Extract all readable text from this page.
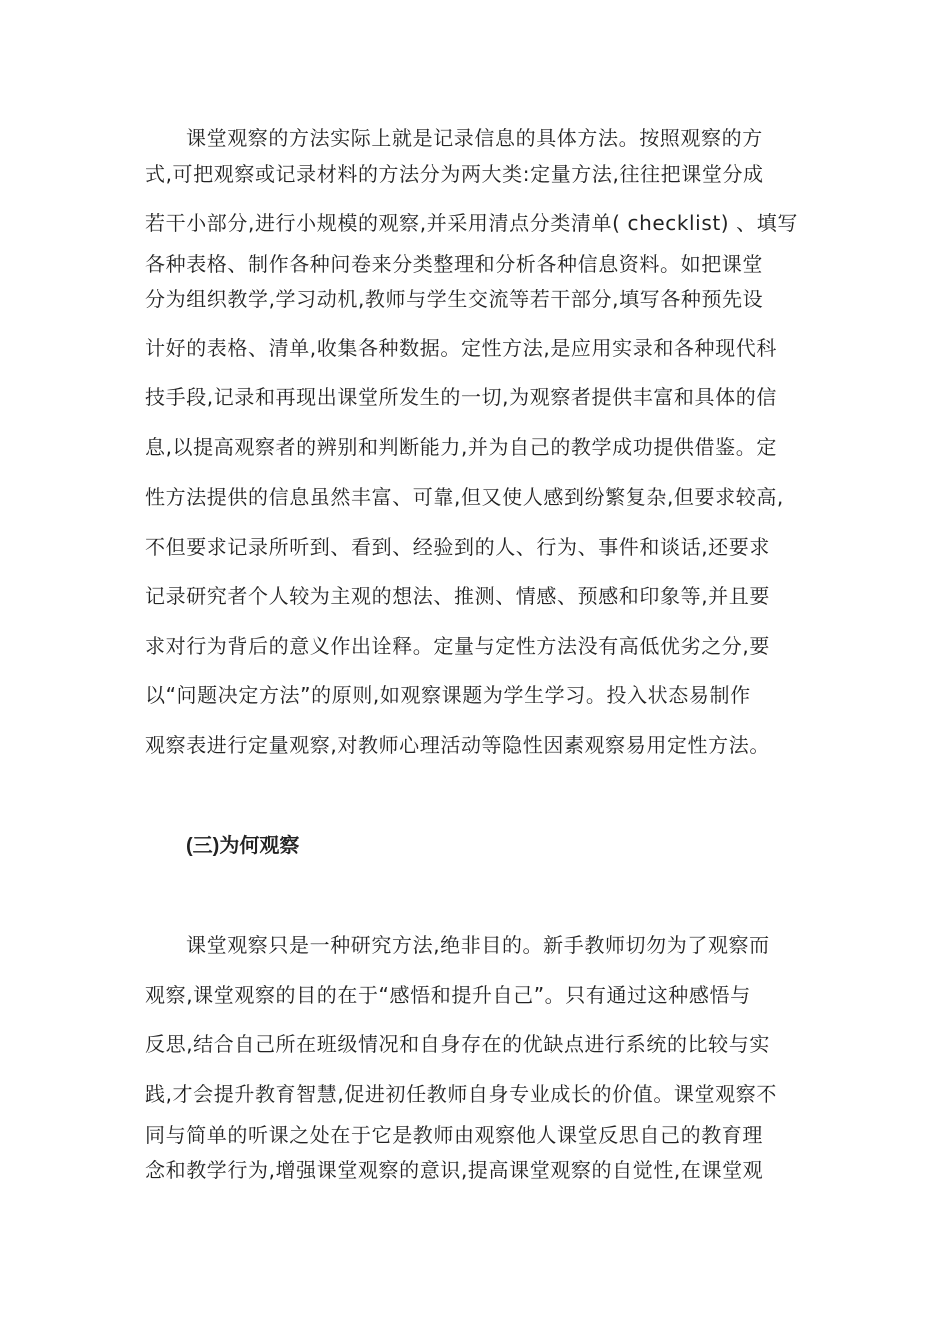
课堂观察的方法实际上就是记录信息的具体方法。按照观察的方
式,可把观察或记录材料的方法分为两大类:定量方法,往往把课堂分成
若干小部分,进行小规模的观察,并采用清点分类清单( checklist) 、填写
各种表格、制作各种问卷来分类整理和分析各种信息资料。如把课堂
分为组织教学,学习动机,教师与学生交流等若干部分,填写各种预先设
计好的表格、清单,收集各种数据。定性方法,是应用实录和各种现代科
技手段,记录和再现出课堂所发生的一切,为观察者提供丰富和具体的信
息,以提高观察者的辨别和判断能力,并为自己的教学成功提供借鉴。定
性方法提供的信息虽然丰富、可靠,但又使人感到纷繁复杂,但要求较高,
不但要求记录所听到、看到、经验到的人、行为、事件和谈话,还要求
记录研究者个人较为主观的想法、推测、情感、预感和印象等,并且要
求对行为背后的意义作出诠释。定量与定性方法没有高低优劣之分,要
以“问题决定方法”的原则,如观察课题为学生学习。投入状态易制作
观察表进行定量观察,对教师心理活动等隐性因素观察易用定性方法。
(三)为何观察
课堂观察只是一种研究方法,绝非目的。新手教师切勿为了观察而
观察,课堂观察的目的在于“感悟和提升自己”。只有通过这种感悟与
反思,结合自己所在班级情况和自身存在的优缺点进行系统的比较与实
践,才会提升教育智慧,促进初任教师自身专业成长的价值。课堂观察不
同与简单的听课之处在于它是教师由观察他人课堂反思自己的教育理
念和教学行为,增强课堂观察的意识,提高课堂观察的自觉性,在课堂观
